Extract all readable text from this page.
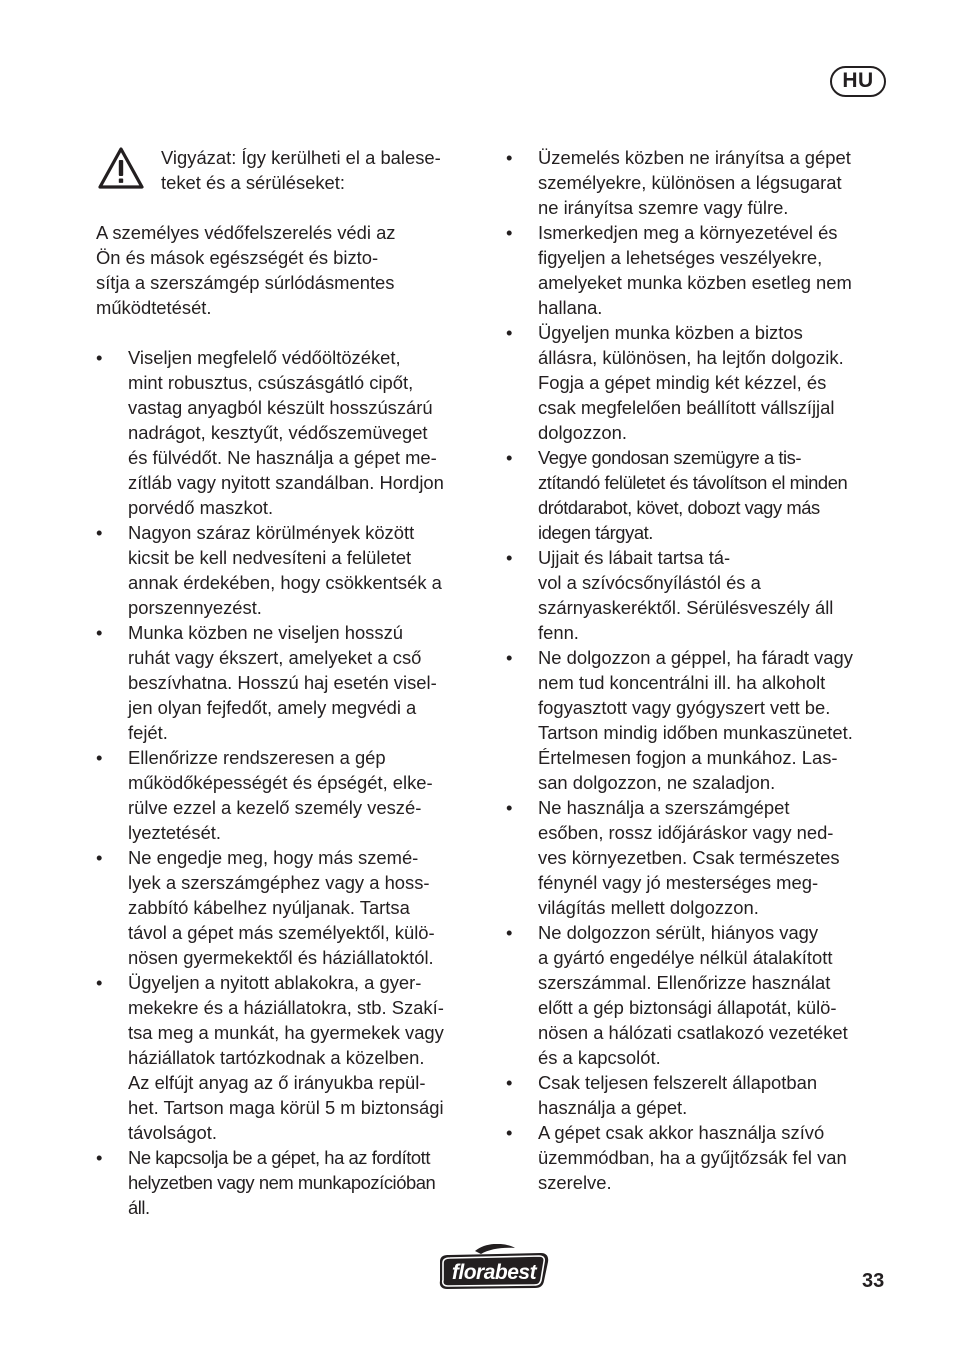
HU

Vigyázat: Így kerülheti el a balese-
teket és a sérüléseket:

A személyes védőfelszerelés védi az
Ön és mások egészségét és bizto-
sítja a szerszámgép súrlódásmentes
működtetését.

• Viseljen megfelelő védőöltözéket,
mint robusztus, csúszásgátló cipőt,
vastag anyagból készült hosszúszárú
nadrágot, kesztyűt, védőszemüveget
és fülvédőt. Ne használja a gépet me-
zítláb vagy nyitott szandálban. Hordjon
porvédő maszkot.
• Nagyon száraz körülmények között
kicsit be kell nedvesíteni a felületet
annak érdekében, hogy csökkentsék a
porszennyezést.
• Munka közben ne viseljen hosszú
ruhát vagy ékszert, amelyeket a cső
beszívhatna. Hosszú haj esetén visel-
jen olyan fejfedőt, amely megvédi a
fejét.
• Ellenőrizze rendszeresen a gép
működőképességét és épségét, elke-
rülve ezzel a kezelő személy veszé-
lyeztetését.
• Ne engedje meg, hogy más szemé-
lyek a szerszámgéphez vagy a hoss-
zabbító kábelhez nyúljanak. Tartsa
távol a gépet más személyektől, külö-
nösen gyermekektől és háziállatoktól.
• Ügyeljen a nyitott ablakokra, a gyer-
mekekre és a háziállatokra, stb. Szakí-
tsa meg a munkát, ha gyermekek vagy
háziállatok tartózkodnak a közelben.
Az elfújt anyag az ő irányukba repül-
het. Tartson maga körül 5 m biztonsági
távolságot.
• Ne kapcsolja be a gépet, ha az fordított
helyzetben vagy nem munkapozícióban
áll.
• Üzemelés közben ne irányítsa a gépet
személyekre, különösen a légsugarat
ne irányítsa szemre vagy fülre.
• Ismerkedjen meg a környezetével és
figyeljen a lehetséges veszélyekre,
amelyeket munka közben esetleg nem
hallana.
• Ügyeljen munka közben a biztos
állásra, különösen, ha lejtőn dolgozik.
Fogja a gépet mindig két kézzel, és
csak megfelelően beállított vállszíjjal
dolgozzon.
• Vegye gondosan szemügyre a tis-
ztítandó felületet és távolítson el minden
drótdarabot, követ, dobozt vagy más
idegen tárgyat.
• Ujjait és lábait tartsa tá-
vol a szívócsőnyílástól és a
szárnyaskeréktől. Sérülésveszély áll
fenn.
• Ne dolgozzon a géppel, ha fáradt vagy
nem tud koncentrálni ill. ha alkoholt
fogyasztott vagy gyógyszert vett be.
Tartson mindig időben munkaszünetet.
Értelmesen fogjon a munkához. Las-
san dolgozzon, ne szaladjon.
• Ne használja a szerszámgépet
esőben, rossz időjáráskor vagy ned-
ves környezetben. Csak természetes
fénynél vagy jó mesterséges meg-
világítás mellett dolgozzon.
• Ne dolgozzon sérült, hiányos vagy
a gyártó engedélye nélkül átalakított
szerszámmal. Ellenőrizze használat
előtt a gép biztonsági állapotát, külö-
nösen a hálózati csatlakozó vezetéket
és a kapcsolót.
• Csak teljesen felszerelt állapotban
használja a gépet.
• A gépet csak akkor használja szívó
üzemmódban, ha a gyűjtőzsák fel van
szerelve.
florabest	33
